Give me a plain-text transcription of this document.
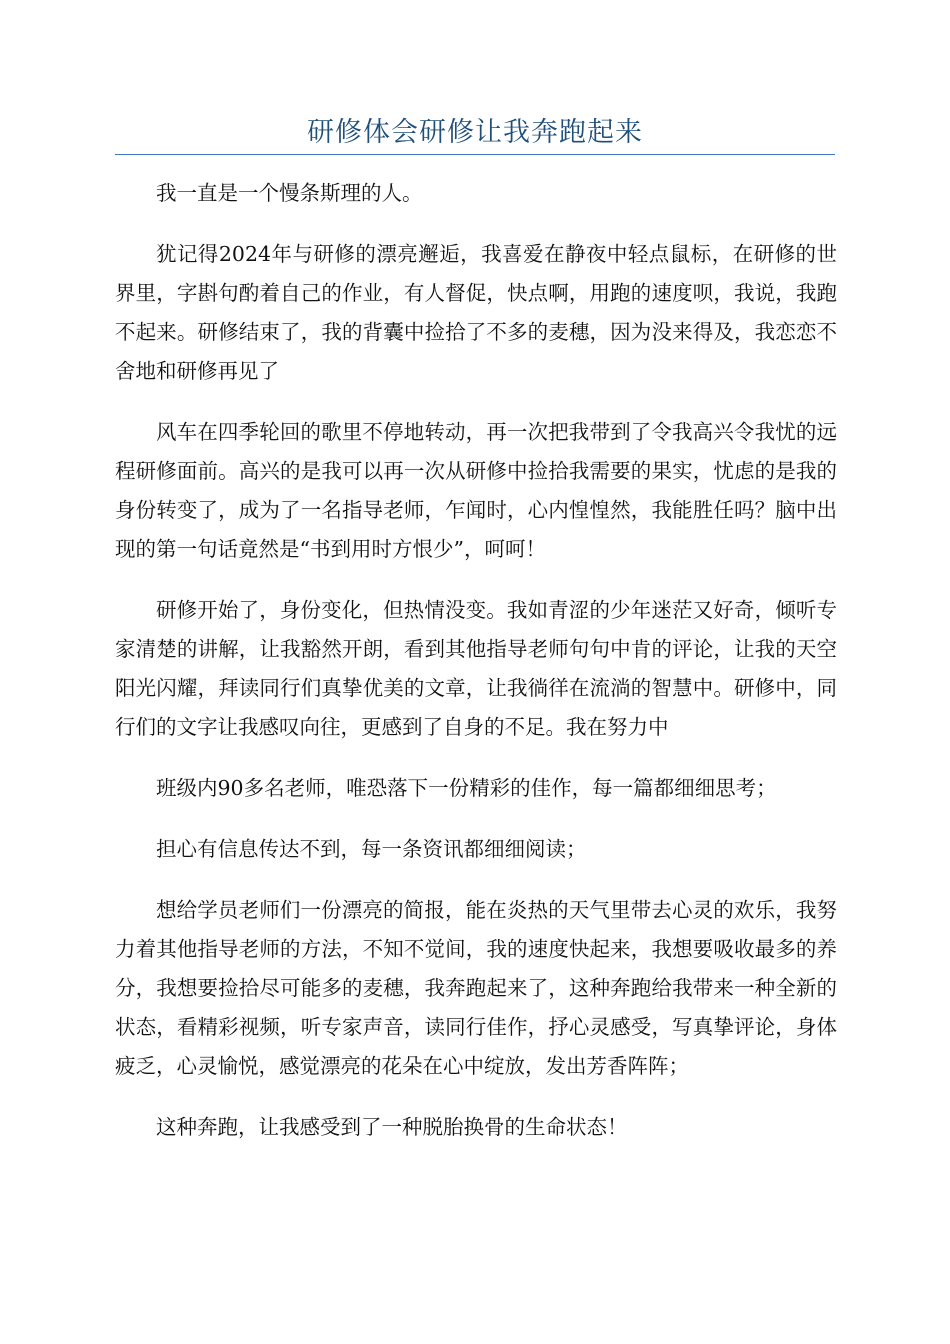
研修体会研修让我奔跑起来

我一直是一个慢条斯理的人。

犹记得2024年与研修的漂亮邂逅，我喜爱在静夜中轻点鼠标，在研修的世界里，字斟句酌着自己的作业，有人督促，快点啊，用跑的速度呗，我说，我跑不起来。研修结束了，我的背囊中捡拾了不多的麦穗，因为没来得及，我恋恋不舍地和研修再见了

风车在四季轮回的歌里不停地转动，再一次把我带到了令我高兴令我忧的远程研修面前。高兴的是我可以再一次从研修中捡拾我需要的果实，忧虑的是我的身份转变了，成为了一名指导老师，乍闻时，心内惶惶然，我能胜任吗？脑中出现的第一句话竟然是“书到用时方恨少”，呵呵！

研修开始了，身份变化，但热情没变。我如青涩的少年迷茫又好奇，倾听专家清楚的讲解，让我豁然开朗，看到其他指导老师句句中肯的评论，让我的天空阳光闪耀，拜读同行们真挚优美的文章，让我徜徉在流淌的智慧中。研修中，同行们的文字让我感叹向往，更感到了自身的不足。我在努力中

班级内90多名老师，唯恐落下一份精彩的佳作，每一篇都细细思考；

担心有信息传达不到，每一条资讯都细细阅读；

想给学员老师们一份漂亮的简报，能在炎热的天气里带去心灵的欢乐，我努力着其他指导老师的方法，不知不觉间，我的速度快起来，我想要吸收最多的养分，我想要捡拾尽可能多的麦穗，我奔跑起来了，这种奔跑给我带来一种全新的状态，看精彩视频，听专家声音，读同行佳作，抒心灵感受，写真挚评论，身体疲乏，心灵愉悦，感觉漂亮的花朵在心中绽放，发出芳香阵阵；

这种奔跑，让我感受到了一种脱胎换骨的生命状态！
